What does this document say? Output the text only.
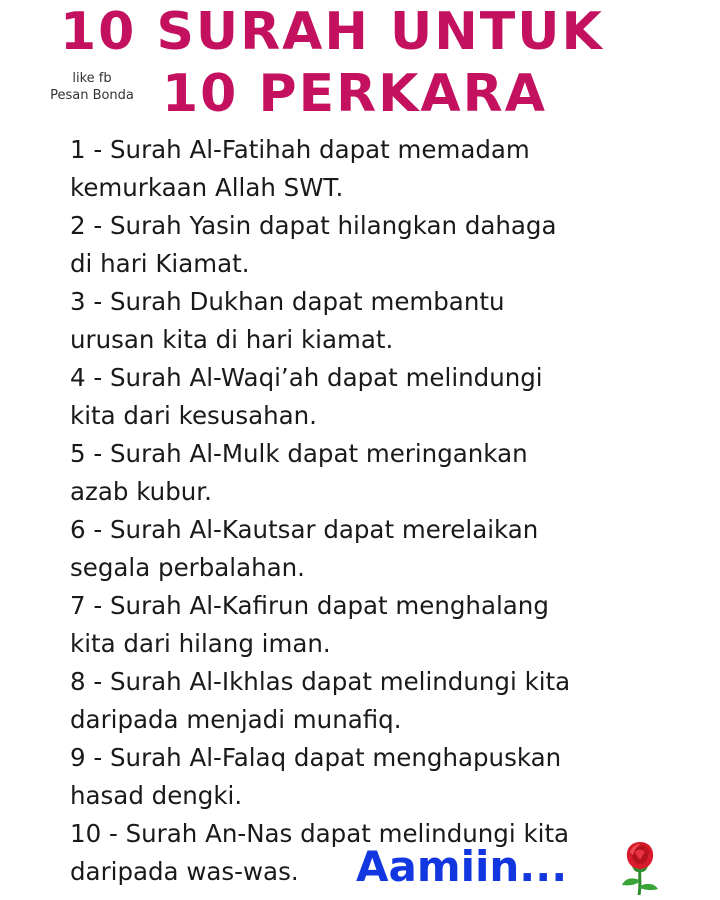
10 SURAH UNTUK
10 PERKARA
like fb
Pesan Bonda
1 - Surah Al-Fatihah dapat memadam
kemurkaan Allah SWT.
2 - Surah Yasin dapat hilangkan dahaga
di hari Kiamat.
3 - Surah Dukhan dapat membantu
urusan kita di hari kiamat.
4 - Surah Al-Waqi’ah dapat melindungi
kita dari kesusahan.
5 - Surah Al-Mulk dapat meringankan
azab kubur.
6 - Surah Al-Kautsar dapat merelaikan
segala perbalahan.
7 - Surah Al-Kafirun dapat menghalang
kita dari hilang iman.
8 - Surah Al-Ikhlas dapat melindungi kita
daripada menjadi munafiq.
9 - Surah Al-Falaq dapat menghapuskan
hasad dengki.
10 - Surah An-Nas dapat melindungi kita
daripada was-was.	Aamiin...
